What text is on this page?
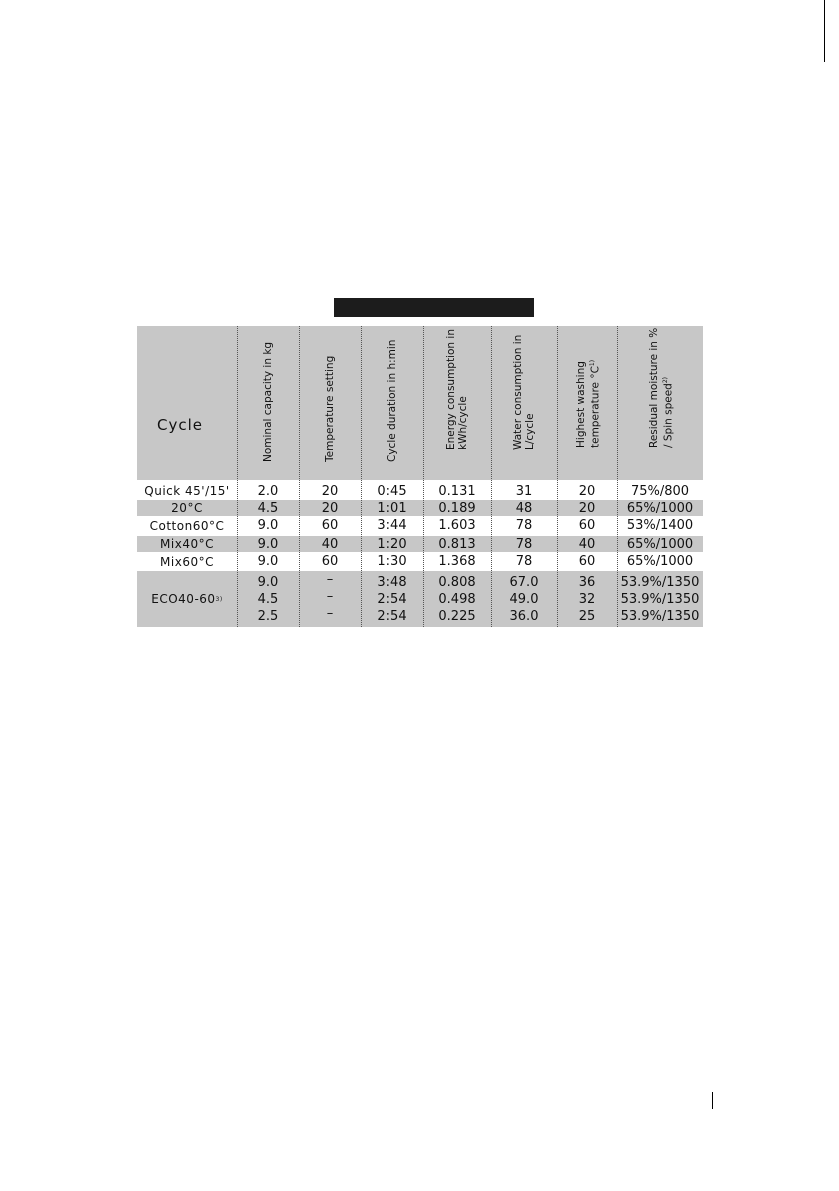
Cycle	Nominal capacity in kg	Temperature setting	Cycle duration in h:min	Energy consumption in kWh/cycle	Water consumption in L/cycle	Highest washing temperature $^\circ C^{1)}$	Residual moisture in % / Spin speed$^{2)}$
Quick 45'/15'	2.0	20	0:45	0.131	31	20	75%/800
20°C	4.5	20	1:01	0.189	48	20	65%/1000
Cotton60°C	9.0	60	3:44	1.603	78	60	53%/1400
Mix40°C	9.0	40	1:20	0.813	78	40	65%/1000
Mix60°C	9.0	60	1:30	1.368	78	60	65%/1000
ECO40-60 3)
9.0	–	3:48	0.808	67.0	36	53.9%/1350
4.5	–	2:54	0.498	49.0	32	53.9%/1350
2.5	–	2:54	0.225	36.0	25	53.9%/1350
